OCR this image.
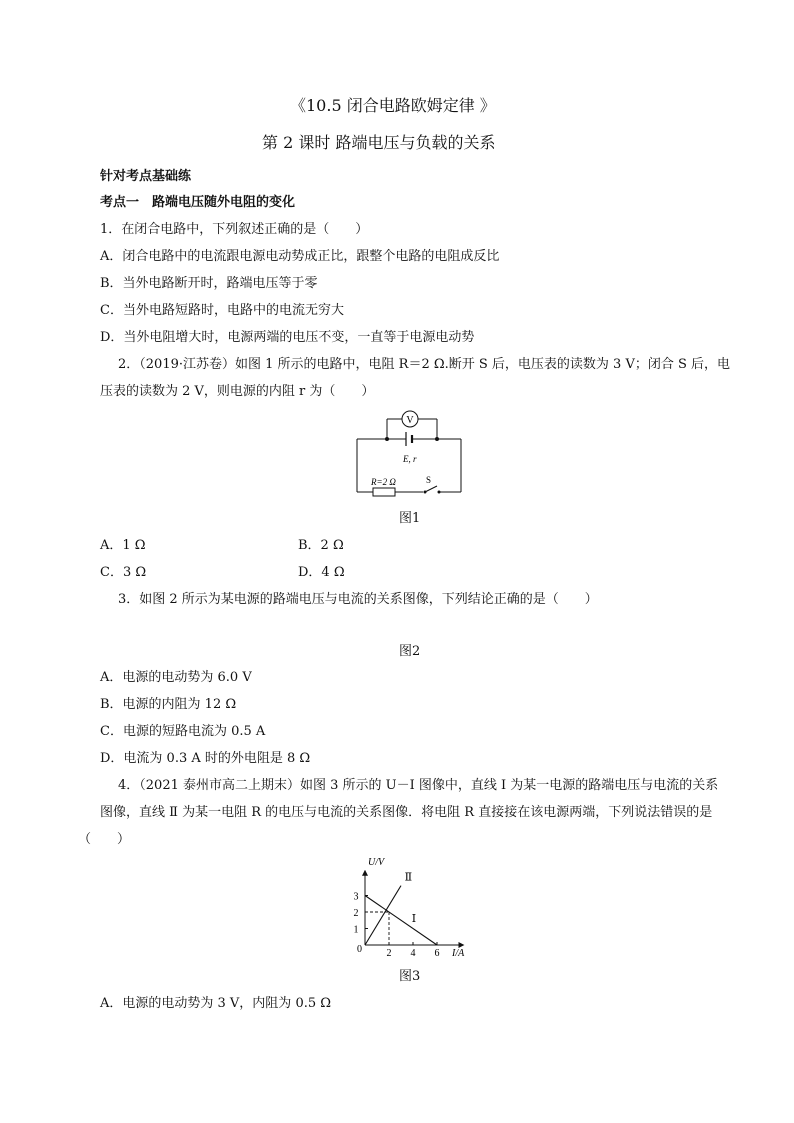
《10.5 闭合电路欧姆定律 》
第 2 课时 路端电压与负载的关系
针对考点基础练
考点一　路端电压随外电阻的变化
1．在闭合电路中，下列叙述正确的是（　　）
A．闭合电路中的电流跟电源电动势成正比，跟整个电路的电阻成反比
B．当外电路断开时，路端电压等于零
C．当外电路短路时，电路中的电流无穷大
D．当外电阻增大时，电源两端的电压不变，一直等于电源电动势
2．（2019·江苏卷）如图 1 所示的电路中，电阻 R＝2 Ω.断开 S 后，电压表的读数为 3 V；闭合 S 后，电
压表的读数为 2 V，则电源的内阻 r 为（　　）
V
E, r
R=2 Ω	S
图1
A．1 Ω	B．2 Ω
C．3 Ω	D．4 Ω
3．如图 2 所示为某电源的路端电压与电流的关系图像，下列结论正确的是（　　）
图2
A．电源的电动势为 6.0 V
B．电源的内阻为 12 Ω
C．电源的短路电流为 0.5 A
D．电流为 0.3 A 时的外电阻是 8 Ω
4．（2021 泰州市高二上期末）如图 3 所示的 U－I 图像中，直线 Ⅰ 为某一电源的路端电压与电流的关系
图像，直线 Ⅱ 为某一电阻 R 的电压与电流的关系图像．将电阻 R 直接接在该电源两端，下列说法错误的是
（　　）
2 4 6
1
2
3
Ⅰ
Ⅱ
U/V
I/A
0
图3
A．电源的电动势为 3 V，内阻为 0.5 Ω
